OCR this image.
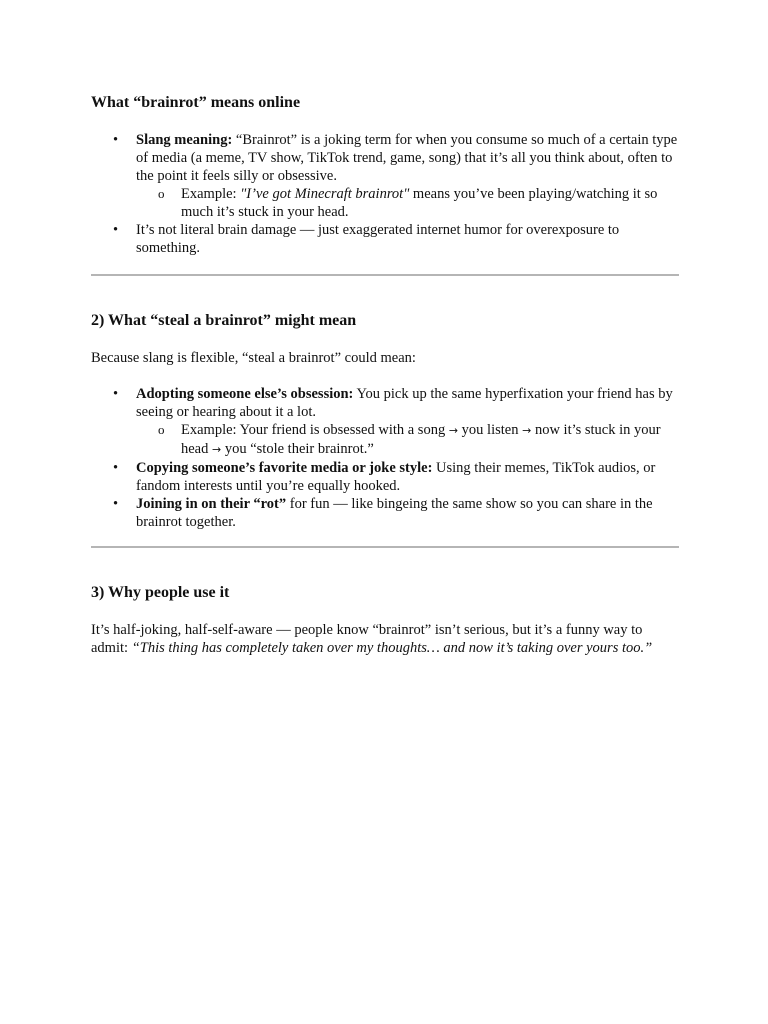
What “brainrot” means online
• Slang meaning: “Brainrot” is a joking term for when you consume so much of a certain type of media (a meme, TV show, TikTok trend, game, song) that it’s all you think about, often to the point it feels silly or obsessive.
o Example: "I’ve got Minecraft brainrot" means you’ve been playing/watching it so much it’s stuck in your head.
• It’s not literal brain damage — just exaggerated internet humor for overexposure to something.
2) What “steal a brainrot” might mean

Because slang is flexible, “steal a brainrot” could mean:

• Adopting someone else’s obsession: You pick up the same hyperfixation your friend has by seeing or hearing about it a lot.
o Example: Your friend is obsessed with a song → you listen → now it’s stuck in your head → you “stole their brainrot.”
• Copying someone’s favorite media or joke style: Using their memes, TikTok audios, or fandom interests until you’re equally hooked.
• Joining in on their “rot” for fun — like bingeing the same show so you can share in the brainrot together.
3) Why people use it

It’s half-joking, half-self-aware — people know “brainrot” isn’t serious, but it’s a funny way to admit: “This thing has completely taken over my thoughts… and now it’s taking over yours too.”
